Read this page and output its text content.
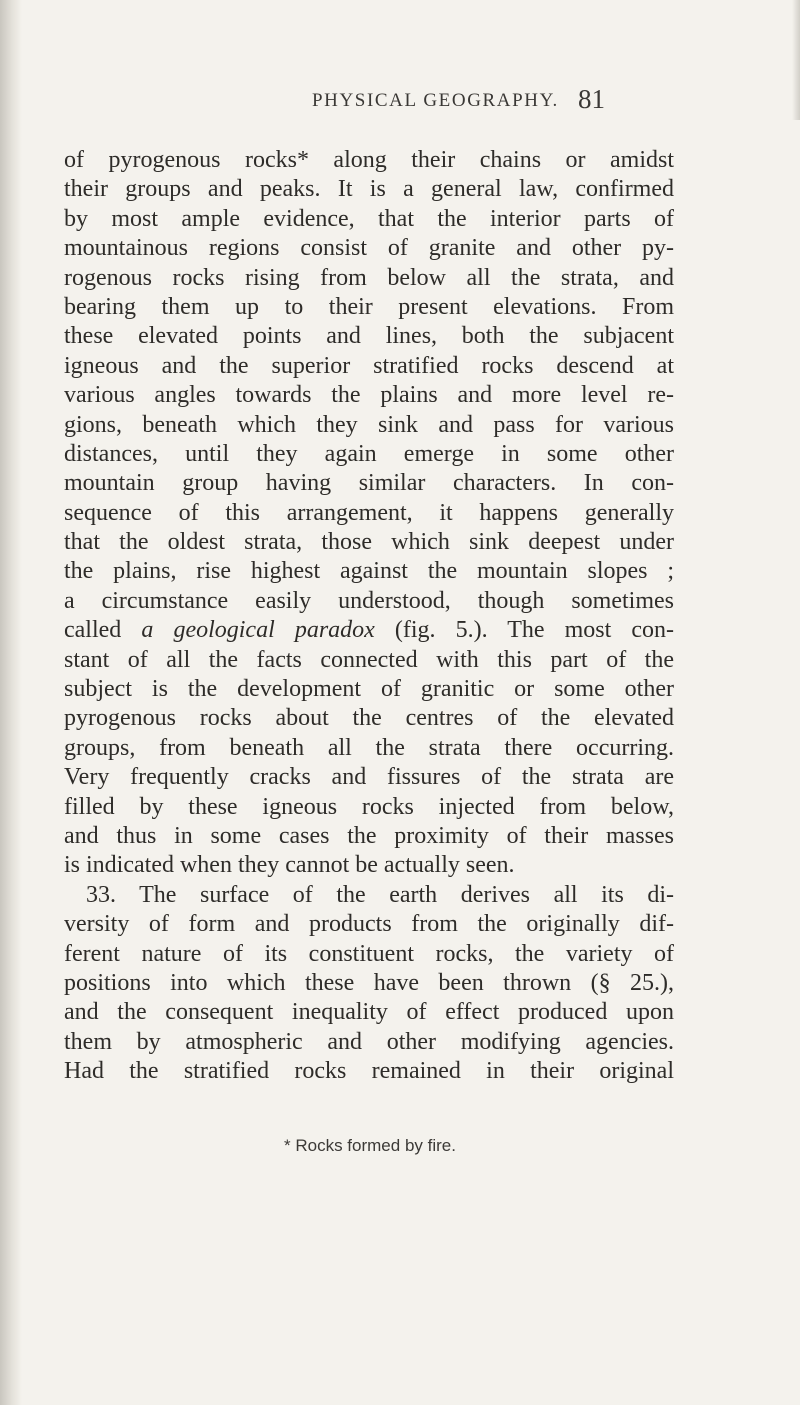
PHYSICAL GEOGRAPHY. 81
of pyrogenous rocks* along their chains or amidst
their groups and peaks. It is a general law, confirmed
by most ample evidence, that the interior parts of
mountainous regions consist of granite and other py-
rogenous rocks rising from below all the strata, and
bearing them up to their present elevations. From
these elevated points and lines, both the subjacent
igneous and the superior stratified rocks descend at
various angles towards the plains and more level re-
gions, beneath which they sink and pass for various
distances, until they again emerge in some other
mountain group having similar characters. In con-
sequence of this arrangement, it happens generally
that the oldest strata, those which sink deepest under
the plains, rise highest against the mountain slopes ;
a circumstance easily understood, though sometimes
called a geological paradox (fig. 5.). The most con-
stant of all the facts connected with this part of the
subject is the development of granitic or some other
pyrogenous rocks about the centres of the elevated
groups, from beneath all the strata there occurring.
Very frequently cracks and fissures of the strata are
filled by these igneous rocks injected from below,
and thus in some cases the proximity of their masses
is indicated when they cannot be actually seen.
33. The surface of the earth derives all its di-
versity of form and products from the originally dif-
ferent nature of its constituent rocks, the variety of
positions into which these have been thrown (§ 25.),
and the consequent inequality of effect produced upon
them by atmospheric and other modifying agencies.
Had the stratified rocks remained in their original
* Rocks formed by fire.
